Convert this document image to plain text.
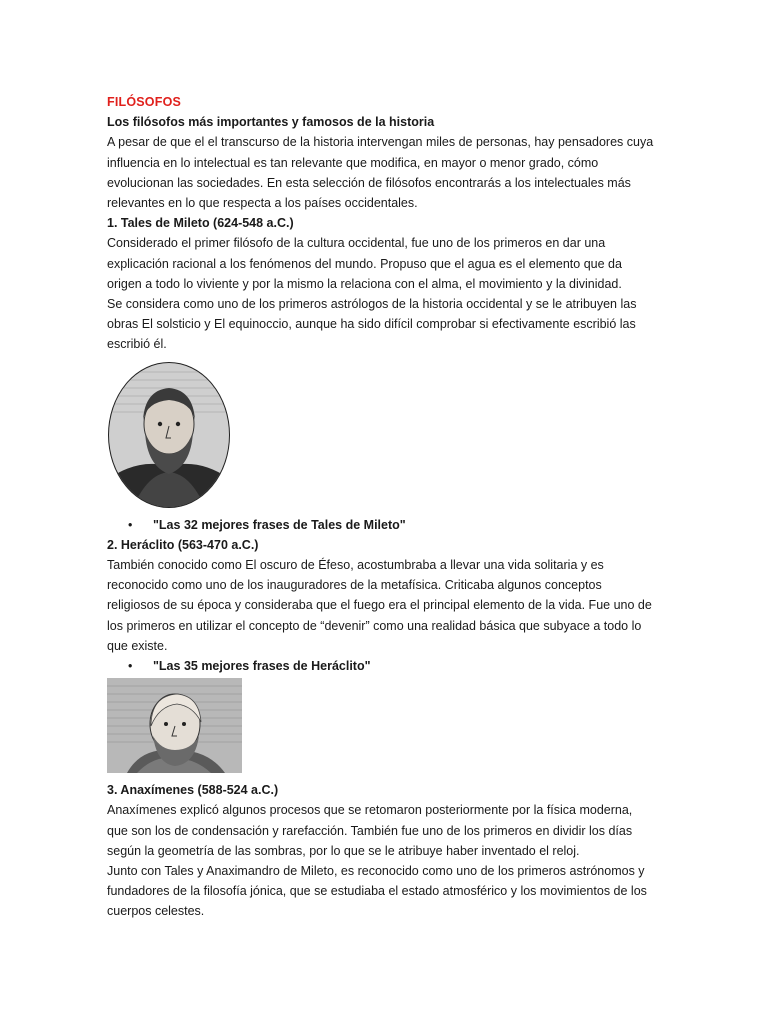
FILÓSOFOS

Los filósofos más importantes y famosos de la historia

A pesar de que el el transcurso de la historia intervengan miles de personas, hay pensadores cuya influencia en lo intelectual es tan relevante que modifica, en mayor o menor grado, cómo evolucionan las sociedades. En esta selección de filósofos encontrarás a los intelectuales más relevantes en lo que respecta a los países occidentales.

1. Tales de Mileto (624-548 a.C.)

Considerado el primer filósofo de la cultura occidental, fue uno de los primeros en dar una explicación racional a los fenómenos del mundo. Propuso que el agua es el elemento que da origen a todo lo viviente y por la mismo la relaciona con el alma, el movimiento y la divinidad.

Se considera como uno de los primeros astrólogos de la historia occidental y se le atribuyen las obras El solsticio y El equinoccio, aunque ha sido difícil comprobar si efectivamente escribió las escribió él.

• "Las 32 mejores frases de Tales de Mileto"

2. Heráclito (563-470 a.C.)

También conocido como El oscuro de Éfeso, acostumbraba a llevar una vida solitaria y es reconocido como uno de los inauguradores de la metafísica. Criticaba algunos conceptos religiosos de su época y consideraba que el fuego era el principal elemento de la vida. Fue uno de los primeros en utilizar el concepto de “devenir” como una realidad básica que subyace a todo lo que existe.

• "Las 35 mejores frases de Heráclito"

3. Anaxímenes (588-524 a.C.)

Anaxímenes explicó algunos procesos que se retomaron posteriormente por la física moderna, que son los de condensación y rarefacción. También fue uno de los primeros en dividir los días según la geometría de las sombras, por lo que se le atribuye haber inventado el reloj.

Junto con Tales y Anaximandro de Mileto, es reconocido como uno de los primeros astrónomos y fundadores de la filosofía jónica, que se estudiaba el estado atmosférico y los movimientos de los cuerpos celestes.
